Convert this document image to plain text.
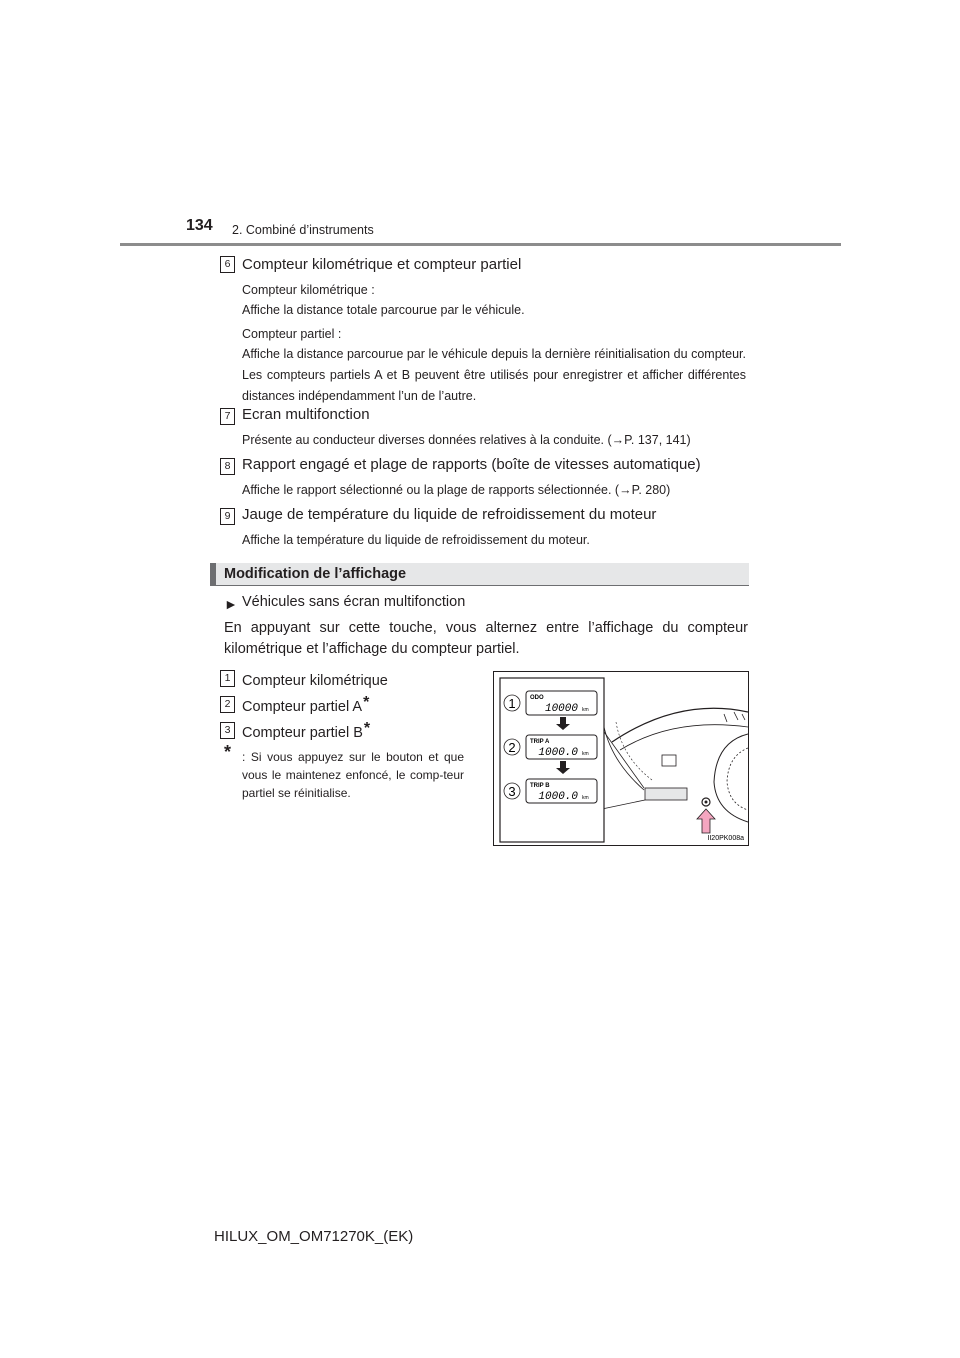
134 2. Combiné d’instruments
6 Compteur kilométrique et compteur partiel
Compteur kilométrique :
Affiche la distance totale parcourue par le véhicule.
Compteur partiel :
Affiche la distance parcourue par le véhicule depuis la dernière réinitialisation du compteur. Les compteurs partiels A et B peuvent être utilisés pour enregistrer et afficher différentes distances indépendamment l’un de l’autre.
7 Ecran multifonction
Présente au conducteur diverses données relatives à la conduite. (→P. 137, 141)
8 Rapport engagé et plage de rapports (boîte de vitesses automatique)
Affiche le rapport sélectionné ou la plage de rapports sélectionnée. (→P. 280)
9 Jauge de température du liquide de refroidissement du moteur
Affiche la température du liquide de refroidissement du moteur.
Modification de l’affichage
► Véhicules sans écran multifonction
En appuyant sur cette touche, vous alternez entre l’affichage du compteur kilométrique et l’affichage du compteur partiel.
1 Compteur kilométrique
2 Compteur partiel A*
3 Compteur partiel B*
* : Si vous appuyez sur le bouton et que vous le maintenez enfoncé, le comp-teur partiel se réinitialise.
1
2
3
ODO
10000 km
TRIP A
1000.0 km
TRIP B
1000.0 km
II20PK008a
HILUX_OM_OM71270K_(EK)
